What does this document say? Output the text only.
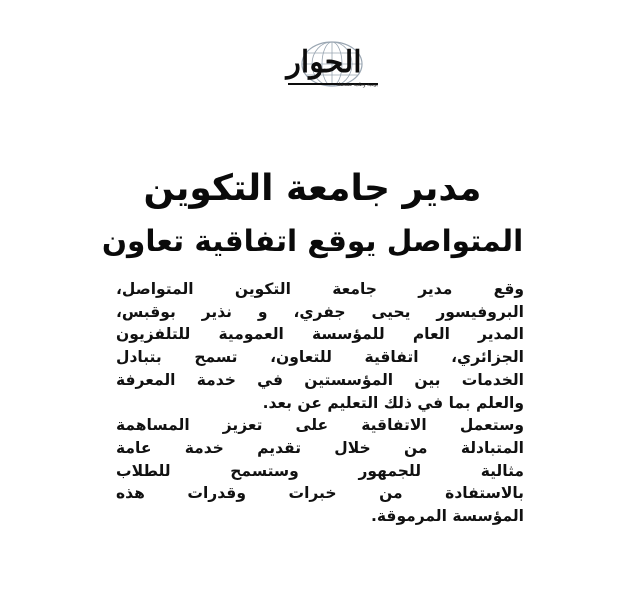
الحوار
يومية وطنية مستقلة
مدير جامعة التكوين
المتواصل يوقع اتفاقية تعاون

وقع مدير جامعة التكوين المتواصل،
البروفيسور يحيى جفري، و نذير بوقبس،
المدير العام للمؤسسة العمومية للتلفزيون
الجزائري، اتفاقية للتعاون، تسمح بتبادل
الخدمات بين المؤسستين في خدمة المعرفة
والعلم بما في ذلك التعليم عن بعد.

وستعمل الاتفاقية على تعزيز المساهمة
المتبادلة من خلال تقديم خدمة عامة
مثالية للجمهور وستسمح للطلاب
بالاستفادة من خبرات وقدرات هذه
المؤسسة المرموقة.
